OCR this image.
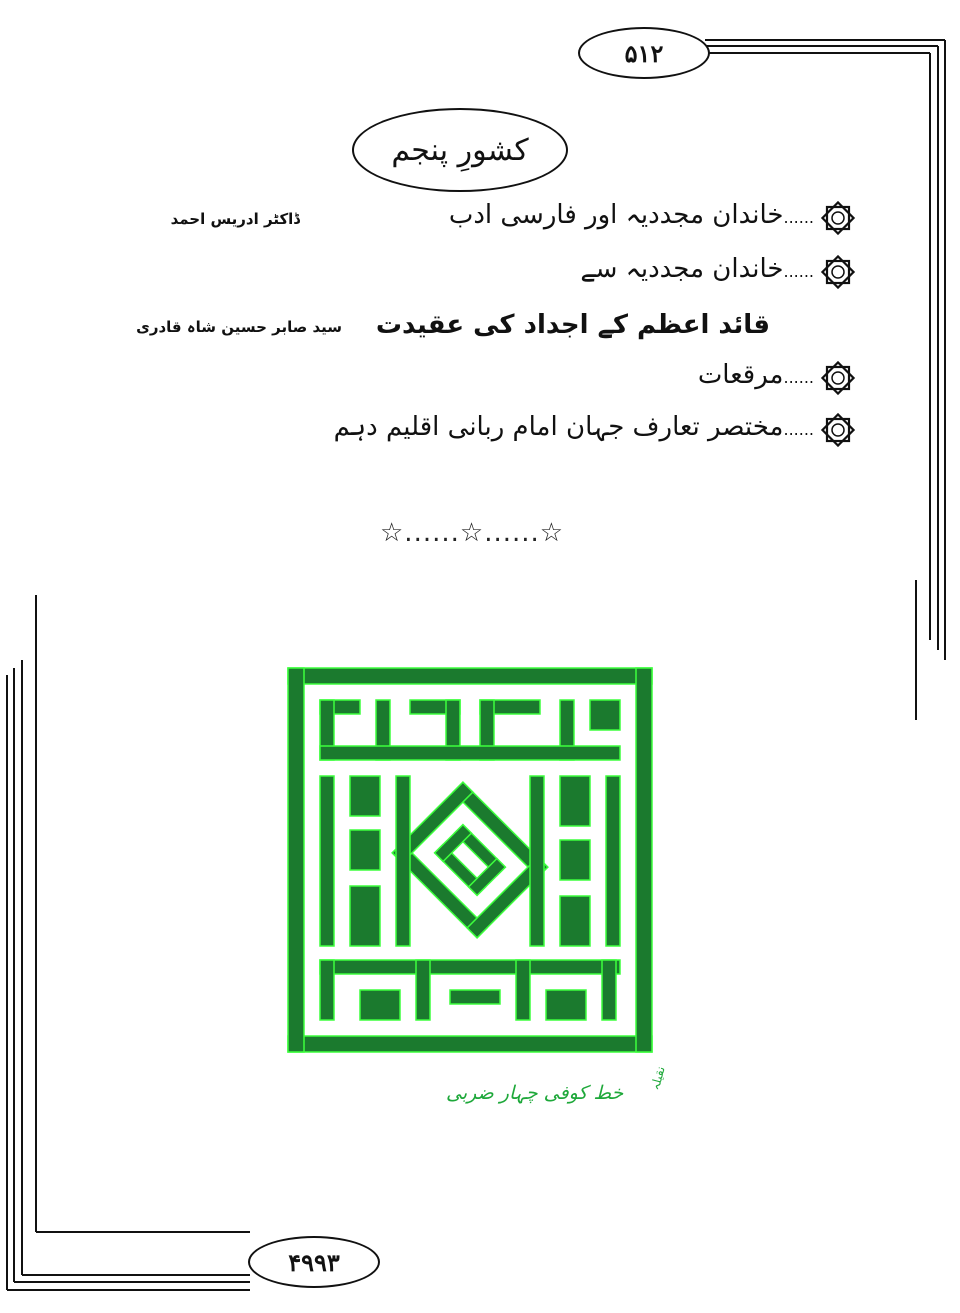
۵۱۲
کشورِ پنجم
......خاندان مجددیہ اور فارسی ادب
ڈاکٹر ادریس احمد
......خاندان مجددیہ سے
قائد اعظم کے اجداد کی عقیدت
سید صابر حسین شاہ قادری
......مرقعات
......مختصر تعارف جہان امام ربانی اقلیم دہم
☆......☆......☆
نقیلہ
خط کوفی چہار ضربی
۴۹۹۳
